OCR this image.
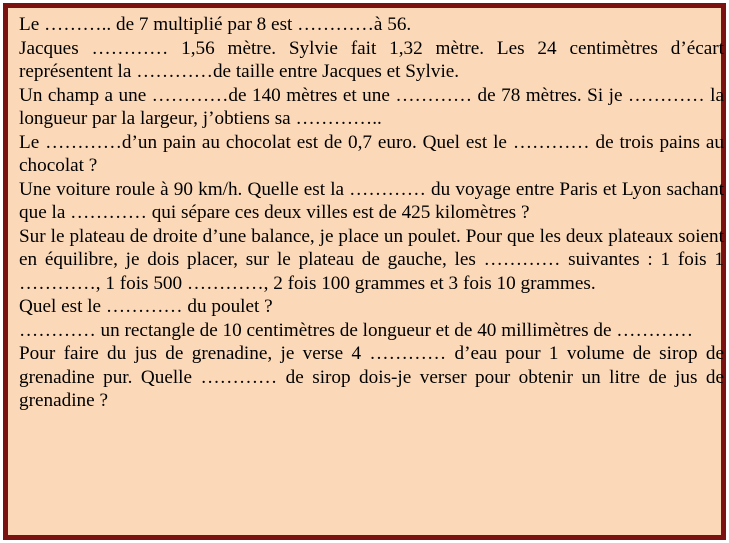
Le ……….. de 7 multiplié par 8 est …………à 56.

Jacques ………… 1,56 mètre. Sylvie fait 1,32 mètre. Les 24 centimètres d’écart représentent la …………de taille entre Jacques et Sylvie.

Un champ a une …………de 140 mètres et une ………… de 78 mètres. Si je ………… la longueur par la largeur, j’obtiens sa …………..

Le …………d’un pain au chocolat est de 0,7 euro. Quel est le ………… de trois pains au chocolat ?

Une voiture roule à 90 km/h. Quelle est la ………… du voyage entre Paris et Lyon sachant que la ………… qui sépare ces deux villes est de 425 kilomètres ?

Sur le plateau de droite d’une balance, je place un poulet. Pour que les deux plateaux soient en équilibre, je dois placer, sur le plateau de gauche, les ………… suivantes : 1 fois 1 …………, 1 fois 500 …………, 2 fois 100 grammes et 3 fois 10 grammes.

Quel est le ………… du poulet ?

………… un rectangle de 10 centimètres de longueur et de 40 millimètres de …………

Pour faire du jus de grenadine, je verse 4 ………… d’eau pour 1 volume de sirop de grenadine pur. Quelle ………… de sirop dois-je verser pour obtenir un litre de jus de grenadine ?
